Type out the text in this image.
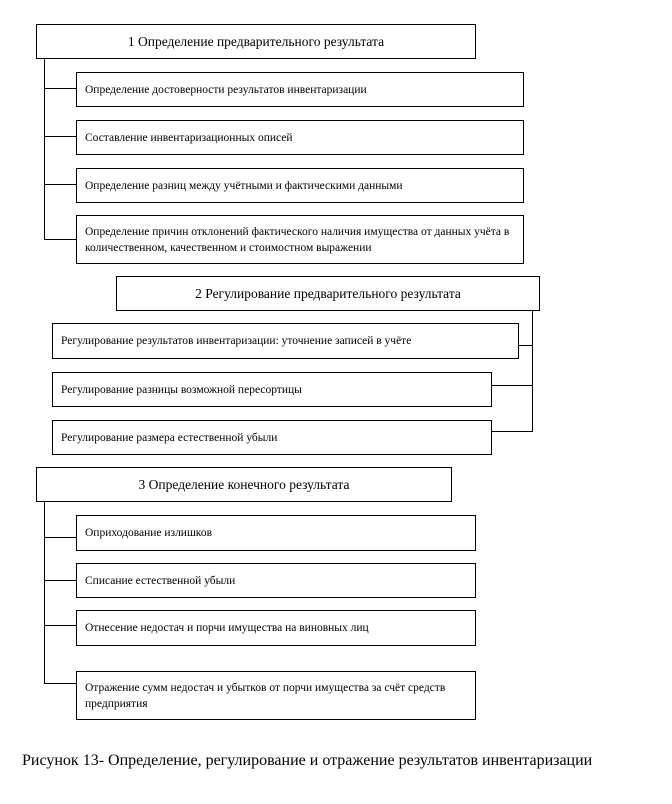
1 Определение предварительного результата
Определение достоверности результатов инвентаризации
Составление инвентаризационных описей
Определение разниц между учётными и фактическими данными
Определение причин отклонений фактического наличия имущества от данных учёта в количественном, качественном и стоимостном выражении
2 Регулирование предварительного результата
Регулирование результатов инвентаризации: уточнение записей в учёте
Регулирование разницы возможной пересортицы
Регулирование размера естественной убыли
3 Определение конечного результата
Оприходование излишков
Списание естественной убыли
Отнесение недостач и порчи имущества на виновных лиц
Отражение сумм недостач и убытков от порчи имущества за счёт средств предприятия
Рисунок 13- Определение, регулирование и отражение результатов инвентаризации
